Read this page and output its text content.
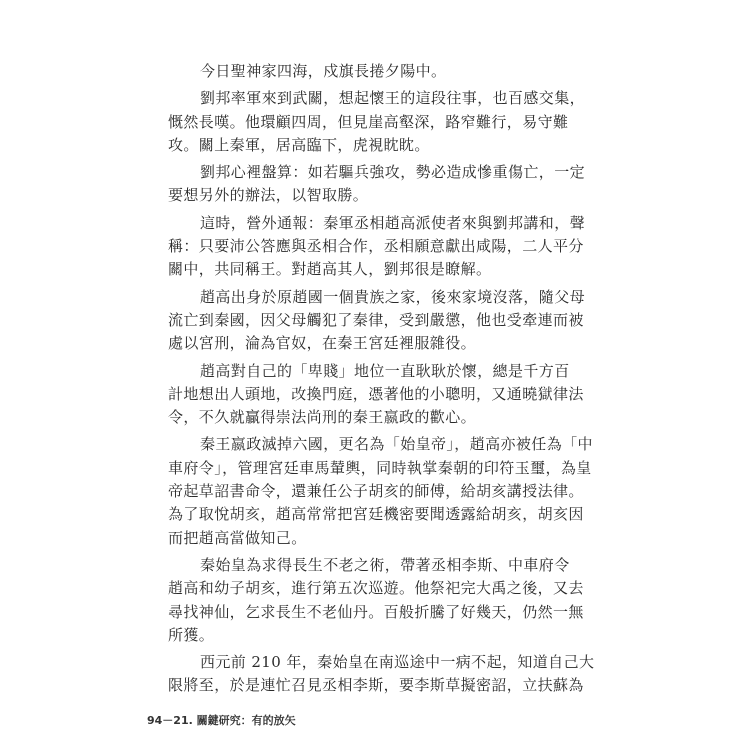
今日聖神家四海，戍旗長捲夕陽中。

劉邦率軍來到武關，想起懷王的這段往事，也百感交集，
慨然長嘆。他環顧四周，但見崖高壑深，路窄難行，易守難
攻。關上秦軍，居高臨下，虎視眈眈。

劉邦心裡盤算：如若驅兵強攻，勢必造成慘重傷亡，一定
要想另外的辦法，以智取勝。

這時，營外通報：秦軍丞相趙高派使者來與劉邦講和，聲
稱：只要沛公答應與丞相合作，丞相願意獻出咸陽，二人平分
關中，共同稱王。對趙高其人，劉邦很是瞭解。

趙高出身於原趙國一個貴族之家，後來家境沒落，隨父母
流亡到秦國，因父母觸犯了秦律，受到嚴懲，他也受牽連而被
處以宮刑，淪為官奴，在秦王宮廷裡服雜役。

趙高對自己的「卑賤」地位一直耿耿於懷，總是千方百
計地想出人頭地，改換門庭，憑著他的小聰明，又通曉獄律法
令，不久就贏得崇法尚刑的秦王嬴政的歡心。

秦王嬴政滅掉六國，更名為「始皇帝」，趙高亦被任為「中
車府令」，管理宮廷車馬輦輿，同時執掌秦朝的印符玉璽，為皇
帝起草詔書命令，還兼任公子胡亥的師傅，給胡亥講授法律。
為了取悅胡亥，趙高常常把宮廷機密要聞透露給胡亥，胡亥因
而把趙高當做知己。

秦始皇為求得長生不老之術，帶著丞相李斯、中車府令
趙高和幼子胡亥，進行第五次巡遊。他祭祀完大禹之後，又去
尋找神仙，乞求長生不老仙丹。百般折騰了好幾天，仍然一無
所獲。

西元前 210 年，秦始皇在南巡途中一病不起，知道自己大
限將至，於是連忙召見丞相李斯，要李斯草擬密詔，立扶蘇為

94－21. 關鍵研究：有的放矢
